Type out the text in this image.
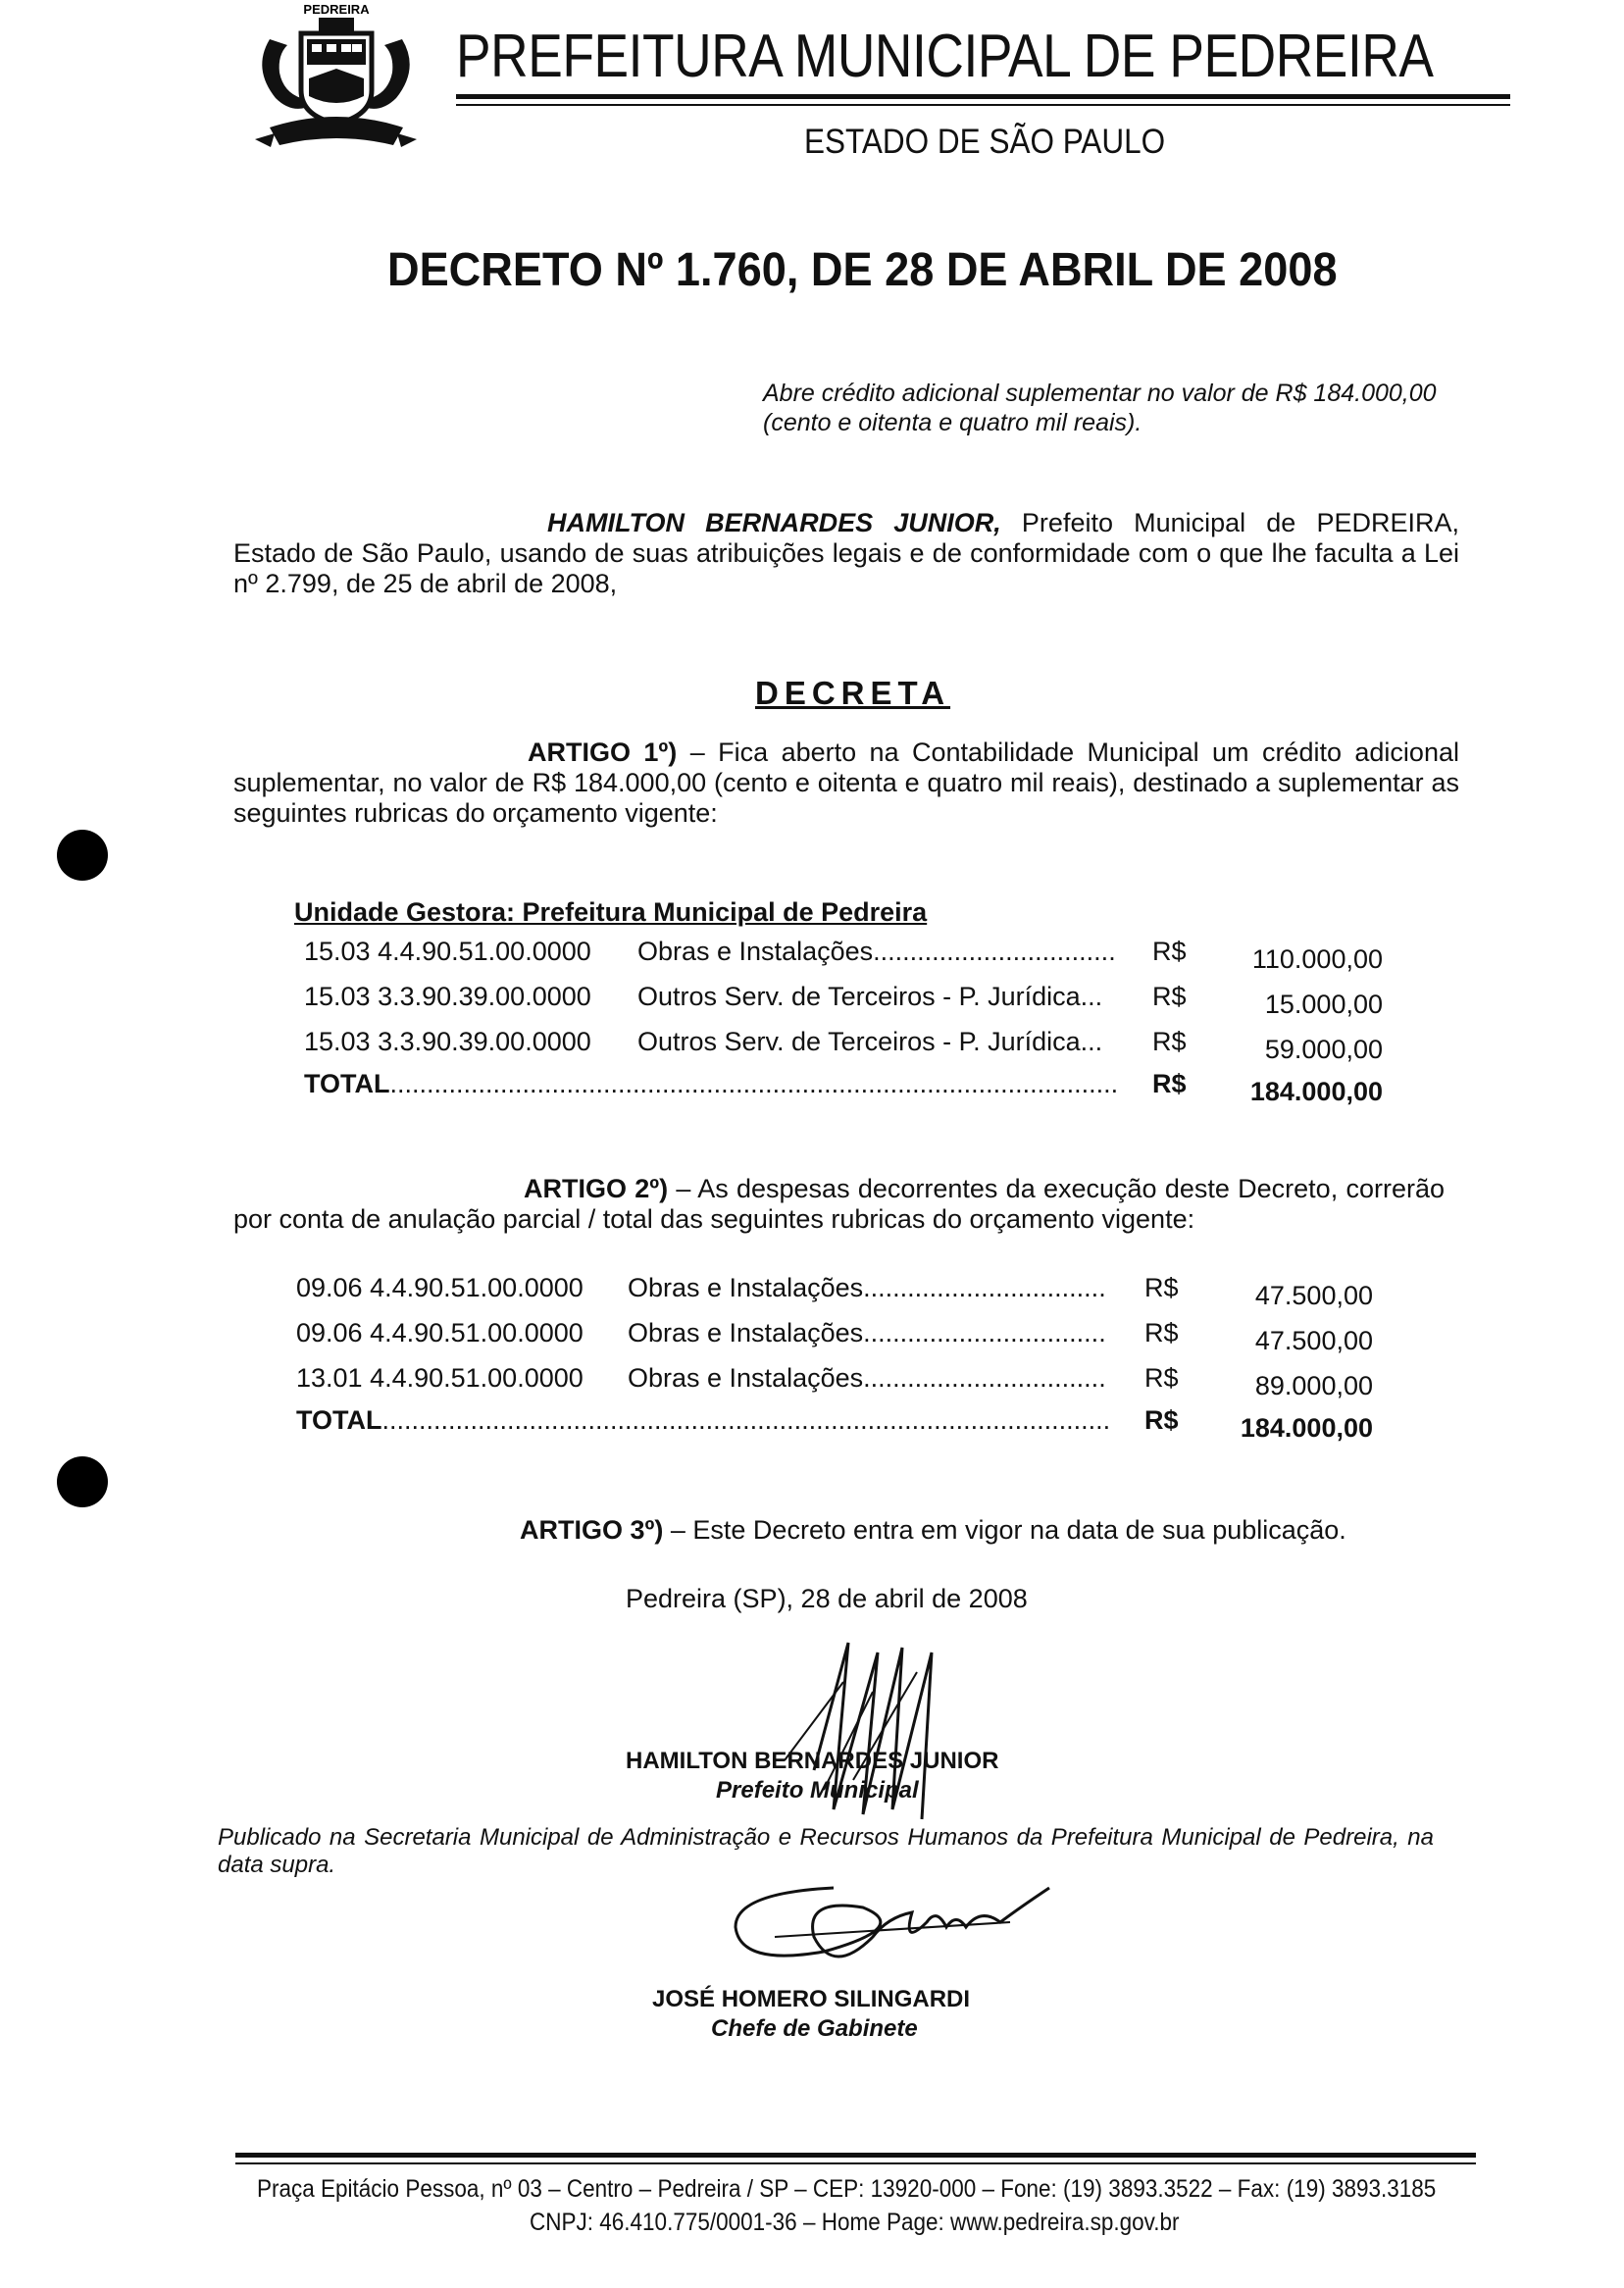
PEDREIRA
PREFEITURA MUNICIPAL DE PEDREIRA
ESTADO DE SÃO PAULO
DECRETO Nº 1.760, DE 28 DE ABRIL DE 2008
Abre crédito adicional suplementar no valor de R$ 184.000,00 (cento e oitenta e quatro mil reais).
HAMILTON BERNARDES JUNIOR, Prefeito Municipal de PEDREIRA, Estado de São Paulo, usando de suas atribuições legais e de conformidade com o que lhe faculta a Lei nº 2.799, de 25 de abril de 2008,
DECRETA
ARTIGO 1º) – Fica aberto na Contabilidade Municipal um crédito adicional suplementar, no valor de R$ 184.000,00 (cento e oitenta e quatro mil reais), destinado a suplementar as seguintes rubricas do orçamento vigente:
Unidade Gestora: Prefeitura Municipal de Pedreira
15.03 4.4.90.51.00.0000 Obras e Instalações................................. R$	110.000,00
15.03 3.3.90.39.00.0000 Outros Serv. de Terceiros - P. Jurídica... R$	15.000,00
15.03 3.3.90.39.00.0000 Outros Serv. de Terceiros - P. Jurídica... R$	59.000,00
TOTAL................................................................................................... R$	184.000,00
ARTIGO 2º) – As despesas decorrentes da execução deste Decreto, correrão por conta de anulação parcial / total das seguintes rubricas do orçamento vigente:
09.06 4.4.90.51.00.0000 Obras e Instalações................................. R$	47.500,00
09.06 4.4.90.51.00.0000 Obras e Instalações................................. R$	47.500,00
13.01 4.4.90.51.00.0000 Obras e Instalações................................. R$	89.000,00
TOTAL................................................................................................... R$	184.000,00
ARTIGO 3º) – Este Decreto entra em vigor na data de sua publicação.
Pedreira (SP), 28 de abril de 2008
HAMILTON BERNARDES JUNIOR
Prefeito Municipal
Publicado na Secretaria Municipal de Administração e Recursos Humanos da Prefeitura Municipal de Pedreira, na data supra.
JOSÉ HOMERO SILINGARDI
Chefe de Gabinete
Praça Epitácio Pessoa, nº 03 – Centro – Pedreira / SP – CEP: 13920-000 – Fone: (19) 3893.3522 – Fax: (19) 3893.3185
CNPJ: 46.410.775/0001-36 – Home Page: www.pedreira.sp.gov.br
